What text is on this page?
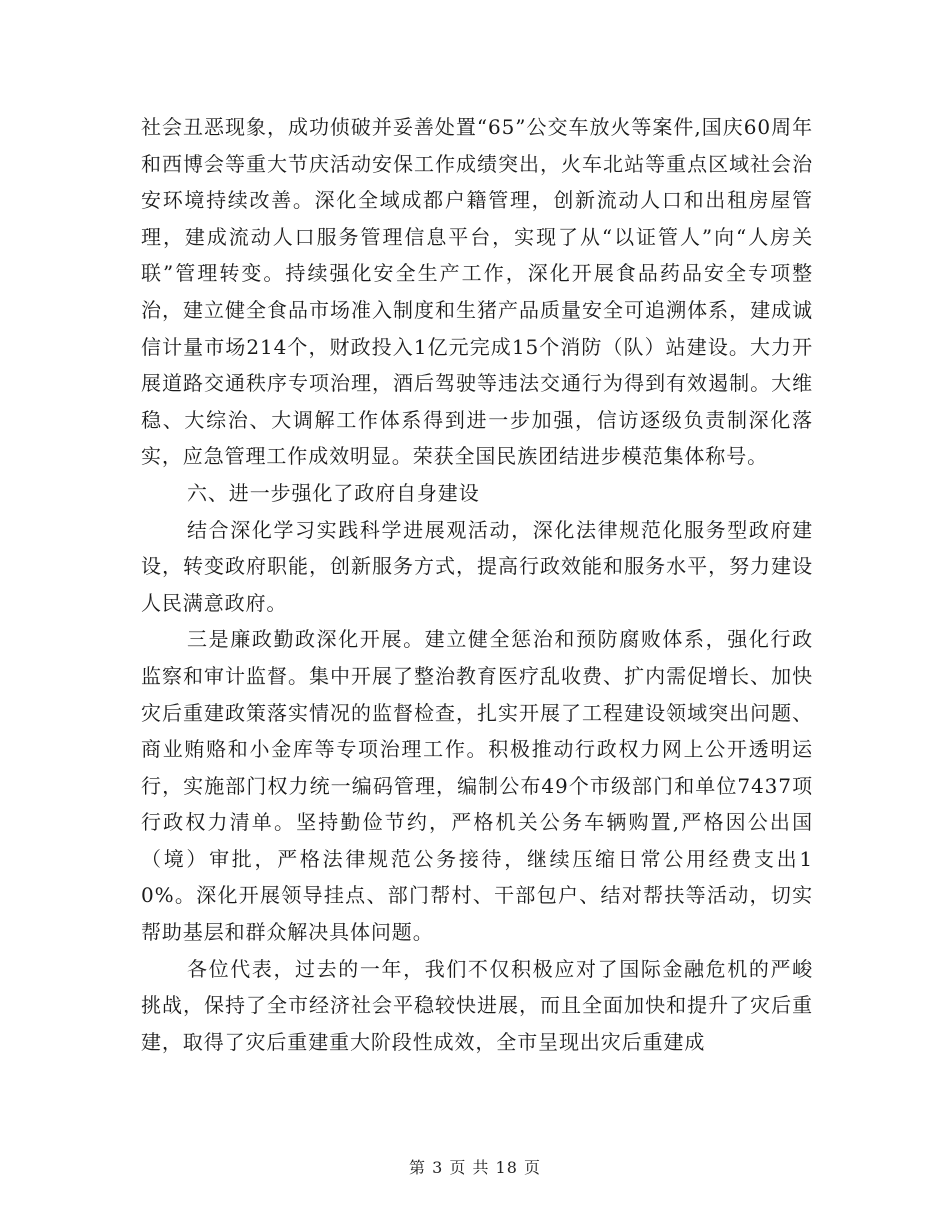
社会丑恶现象，成功侦破并妥善处置“65”公交车放火等案件,国庆60周年和西博会等重大节庆活动安保工作成绩突出，火车北站等重点区域社会治安环境持续改善。深化全域成都户籍管理，创新流动人口和出租房屋管理，建成流动人口服务管理信息平台，实现了从“以证管人”向“人房关联”管理转变。持续强化安全生产工作，深化开展食品药品安全专项整治，建立健全食品市场准入制度和生猪产品质量安全可追溯体系，建成诚信计量市场214个，财政投入1亿元完成15个消防（队）站建设。大力开展道路交通秩序专项治理，酒后驾驶等违法交通行为得到有效遏制。大维稳、大综治、大调解工作体系得到进一步加强，信访逐级负责制深化落实，应急管理工作成效明显。荣获全国民族团结进步模范集体称号。

六、进一步强化了政府自身建设

结合深化学习实践科学进展观活动，深化法律规范化服务型政府建设，转变政府职能，创新服务方式，提高行政效能和服务水平，努力建设人民满意政府。

三是廉政勤政深化开展。建立健全惩治和预防腐败体系，强化行政监察和审计监督。集中开展了整治教育医疗乱收费、扩内需促增长、加快灾后重建政策落实情况的监督检查，扎实开展了工程建设领域突出问题、商业贿赂和小金库等专项治理工作。积极推动行政权力网上公开透明运行，实施部门权力统一编码管理，编制公布49个市级部门和单位7437项行政权力清单。坚持勤俭节约，严格机关公务车辆购置,严格因公出国（境）审批，严格法律规范公务接待，继续压缩日常公用经费支出10%。深化开展领导挂点、部门帮村、干部包户、结对帮扶等活动，切实帮助基层和群众解决具体问题。

各位代表，过去的一年，我们不仅积极应对了国际金融危机的严峻挑战，保持了全市经济社会平稳较快进展，而且全面加快和提升了灾后重建，取得了灾后重建重大阶段性成效，全市呈现出灾后重建成

第 3 页 共 18 页
